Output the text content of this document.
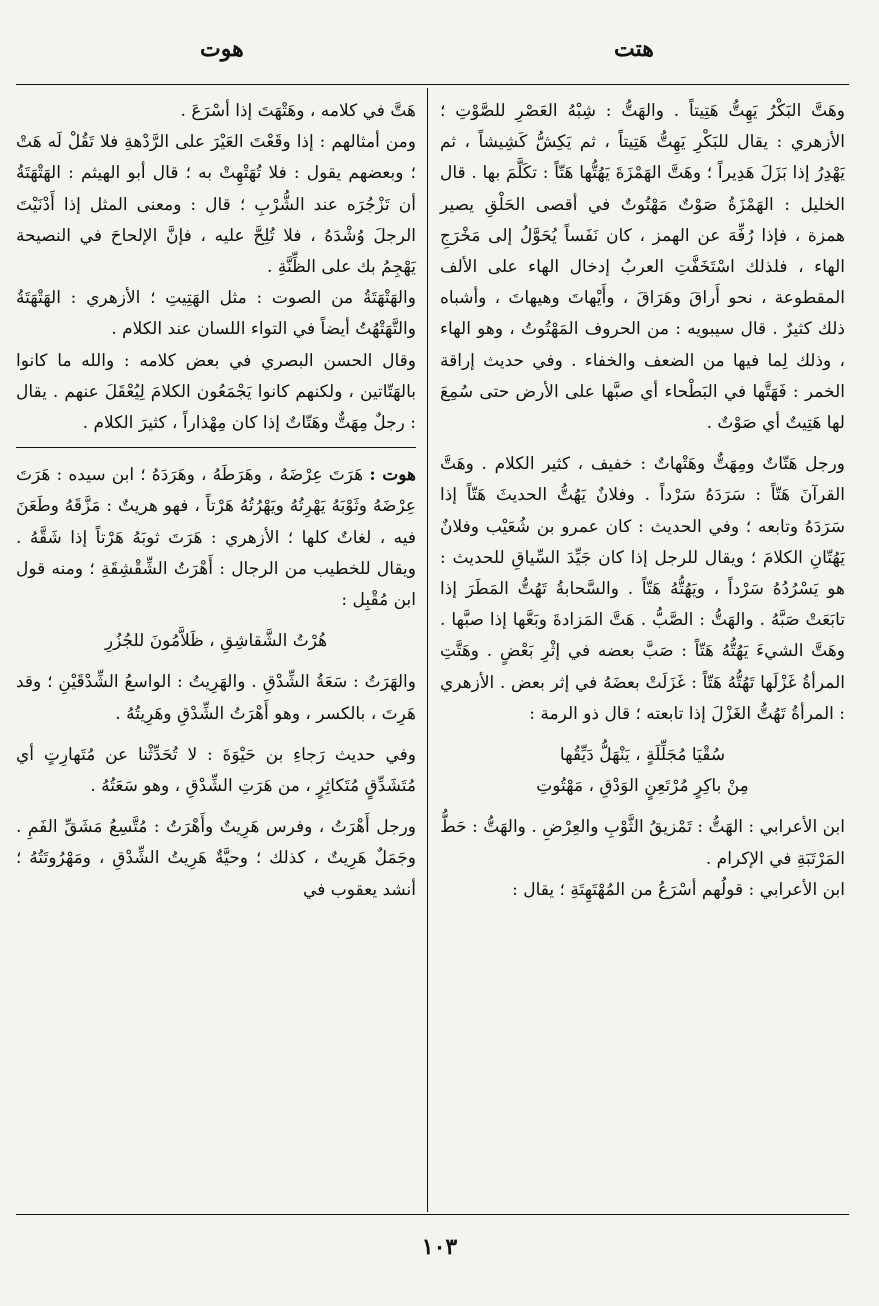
هتت
هوت

وهَتَّ البَكْرُ يَهِتُّ هَتِيتاً . والهَتُّ : شِبْهُ العَصْرِ للصَّوْتِ ؛ الأزهري : يقال للبَكْرِ يَهِتُّ هَتِيتاً ، ثم يَكِشُّ كَشِيشاً ، ثم يَهْدِرُ إذا بَزَلَ هَدِيراً ؛ وهَتَّ الهَمْزَةَ يَهُتُّها هَتّاً : تكَلَّمَ بها . قال الخليل : الهَمْزَةُ صَوْتٌ مَهْتُوتٌ في أقصى الحَلْقِ يصير همزة ، فإذا رُفِّهَ عن الهمز ، كان نَفَساً يُحَوَّلُ إلى مَخْرَجِ الهاء ، فلذلك اسْتَخَفَّتِ العربُ إدخال الهاء على الألف المقطوعة ، نحو أَراقَ وهَرَاقَ ، وأَيْهاتَ وهيهاتَ ، وأشباه ذلك كثيرٌ . قال سيبويه : من الحروف المَهْتُوتُ ، وهو الهاء ، وذلك لِما فيها من الضعف والخفاء . وفي حديث إراقة الخمر : فَهَتَّها في البَطْحاء أي صبَّها على الأرض حتى سُمِعَ لها هَتِيتٌ أي صَوْتٌ .

ورجل هَتّاتٌ ومِهَتٌّ وهَتْهاتٌ : خفيف ، كثير الكلام . وهَتَّ القرآنَ هَتّاً : سَرَدَهُ سَرْداً . وفلانٌ يَهُتُّ الحديثَ هَتّاً إذا سَرَدَهُ وتابعه ؛ وفي الحديث : كان عمرو بن شُعَيْب وفلانٌ يَهُتّانِ الكلامَ ؛ ويقال للرجل إذا كان جَيِّدَ السِّياقِ للحديث : هو يَسْرُدُهُ سَرْداً ، ويَهُتُّهُ هَتّاً . والسَّحابةُ تَهُتُّ المَطَرَ إذا تابَعَتْ صَبَّهُ . والهَتُّ : الصَّبُّ . هَتَّ المَزادةَ وبَعَّها إذا صبَّها . وهَتَّ الشيءَ يَهُتُّهُ هَتّاً : صَبَّ بعضه في إثْرِ بَعْضٍ . وهَتَّتِ المرأةُ غَزْلَها تَهُتُّهُ هَتّاً : غَزَلَتْ بعضَهُ في إثر بعض . الأزهري : المرأةُ تَهُتُّ الغَزْلَ إذا تابعته ؛ قال ذو الرمة :

سُقْيَا مُجَلِّلَةٍ ، يَنْهَلُّ دَيِّقُها

مِنْ باكِرٍ مُرْتَعِنٍ الوَدْقِ ، مَهْتُوتِ

ابن الأعرابي : الهَتُّ : تَمْزيقُ الثَّوْبِ والعِرْضِ . والهَتُّ : حَطُّ المَرْتَبَةِ في الإكرام .

ابن الأعرابي : قولُهم أسْرَعُ من المُهْتَهِتَةِ ؛ يقال :

هَتَّ في كلامه ، وهَتْهَتَ إذا أسْرَعَ .

ومن أمثالهم : إذا وقَعْتَ العَيْرَ على الرَّدْهةِ فلا تَقُلْ لَه هَتْ ؛ وبعضهم يقول : فلا تُهَتْهِتْ به ؛ قال أبو الهيثم : الهَتْهَتَةُ أن تَزْجُرَه عند الشُّرْبِ ؛ قال : ومعنى المثل إذا أَدْنَيْتَ الرجلَ وُشْدَهُ ، فلا تُلِحَّ عليه ، فإنَّ الإلحاحَ في النصيحة يَهْجِمُ بك على الظِّنَّةِ .

والهَتْهَتَةُ من الصوت : مثل الهَتِيتِ ؛ الأزهري : الهَتْهَتَةُ والتَّهَتْهُتُ أيضاً في التواء اللسان عند الكلام .

وقال الحسن البصري في بعض كلامه : والله ما كانوا بالهَتّاتين ، ولكنهم كانوا يَجْمَعُون الكلامَ لِيُعْقَلَ عنهم . يقال : رجلٌ مِهَتٌّ وهَتّاتٌ إذا كان مِهْذاراً ، كثيرَ الكلام .

هوت : هَرَتَ عِرْضَهُ ، وهَرَطَهُ ، وهَرَدَهُ ؛ ابن سيده : هَرَتَ عِرْضَهُ وثَوْبَهُ يَهْرِتُهُ ويَهْرُتُهُ هَرْتاً ، فهو هريتٌ : مَزَّقَهُ وطَعَنَ فيه ، لغاتٌ كلها ؛ الأزهري : هَرَتَ ثوبَهُ هَرْتاً إذا شَقَّهُ . ويقال للخطيب من الرجال : أَهْرَتُ الشِّقْشِقَةِ ؛ ومنه قول ابن مُقْبِل :

هُرْتُ الشَّقاشِقِ ، ظَلاَّمُونَ للجُزُرِ

والهَرَتُ : سَعَةُ الشِّدْقِ . والهَرِيتُ : الواسعُ الشِّدْقَيْنِ ؛ وقد هَرِتَ ، بالكسر ، وهو أَهْرَتُ الشِّدْقِ وهَرِيتُهُ .

وفي حديث رَجاءِ بن حَيْوَةَ : لا تُحَدِّثْنا عن مُتَهارِتٍ أي مُتَشَدِّقٍ مُتَكاثِرٍ ، من هَرَتِ الشِّدْقِ ، وهو سَعَتُهُ .

ورجل أَهْرَتُ ، وفرس هَرِيتٌ وأَهْرَتُ : مُتَّسِعُ مَشَقِّ الفَمِ . وجَمَلٌ هَرِيتٌ ، كذلك ؛ وحيَّةٌ هَرِيتُ الشِّدْقِ ، ومَهْرُوتَتُهُ ؛ أنشد يعقوب في

١٠٣
